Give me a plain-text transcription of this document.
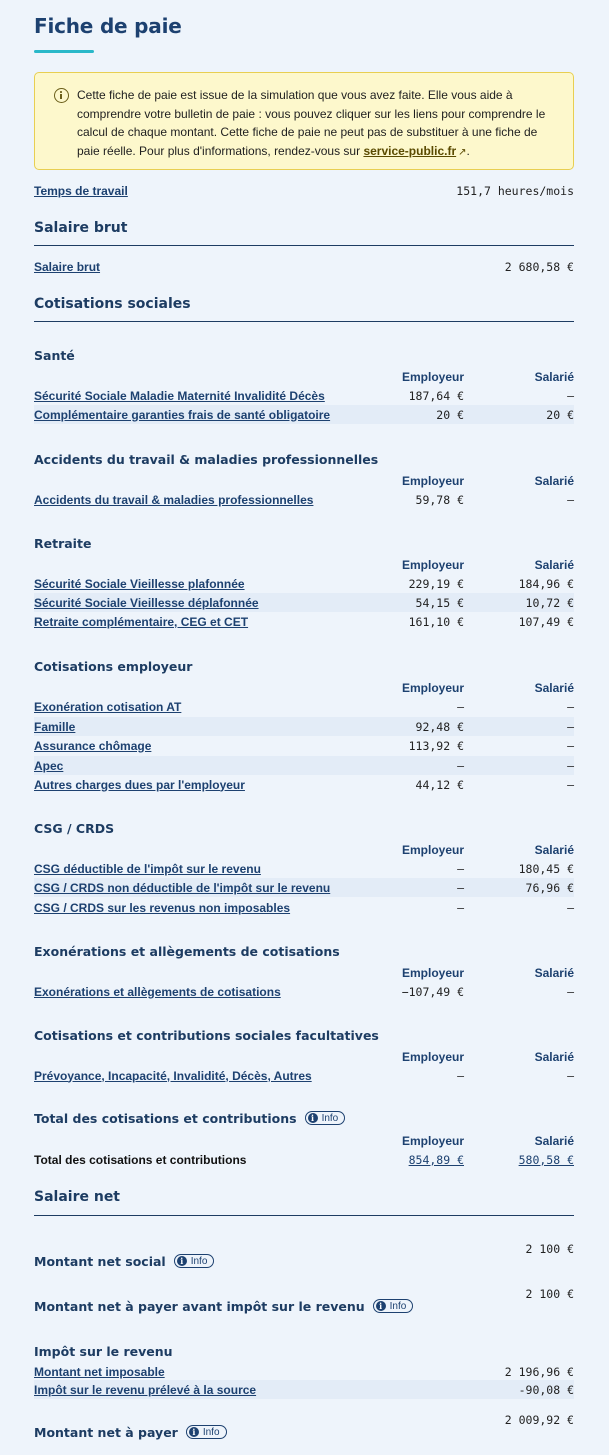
Fiche de paie
Cette fiche de paie est issue de la simulation que vous avez faite. Elle vous aide à comprendre votre bulletin de paie : vous pouvez cliquer sur les liens pour comprendre le calcul de chaque montant. Cette fiche de paie ne peut pas de substituer à une fiche de paie réelle. Pour plus d'informations, rendez-vous sur service-public.fr ↗.
Temps de travail	151,7 heures/mois
Salaire brut
Salaire brut	2 680,58 €
Cotisations sociales
Santé
Employeur	Salarié
Sécurité Sociale Maladie Maternité Invalidité Décès	187,64 €	–
Complémentaire garanties frais de santé obligatoire	20 €	20 €
Accidents du travail & maladies professionnelles
Employeur	Salarié
Accidents du travail & maladies professionnelles	59,78 €	–
Retraite
Employeur	Salarié
Sécurité Sociale Vieillesse plafonnée	229,19 €	184,96 €
Sécurité Sociale Vieillesse déplafonnée	54,15 €	10,72 €
Retraite complémentaire, CEG et CET	161,10 €	107,49 €
Cotisations employeur
Employeur	Salarié
Exonération cotisation AT	–	–
Famille	92,48 €	–
Assurance chômage	113,92 €	–
Apec	–	–
Autres charges dues par l'employeur	44,12 €	–
CSG / CRDS
Employeur	Salarié
CSG déductible de l'impôt sur le revenu	–	180,45 €
CSG / CRDS non déductible de l'impôt sur le revenu	–	76,96 €
CSG / CRDS sur les revenus non imposables	–	–
Exonérations et allègements de cotisations
Employeur	Salarié
Exonérations et allègements de cotisations	−107,49 €	–
Cotisations et contributions sociales facultatives
Employeur	Salarié
Prévoyance, Incapacité, Invalidité, Décès, Autres	–	–
Total des cotisations et contributions	i Info
Employeur	Salarié
Total des cotisations et contributions	854,89 €	580,58 €
Salaire net
2 100 €
Montant net social	i Info
2 100 €
Montant net à payer avant impôt sur le revenu	i Info
Impôt sur le revenu
Montant net imposable	2 196,96 €
Impôt sur le revenu prélevé à la source	-90,08 €
2 009,92 €
Montant net à payer	i Info
